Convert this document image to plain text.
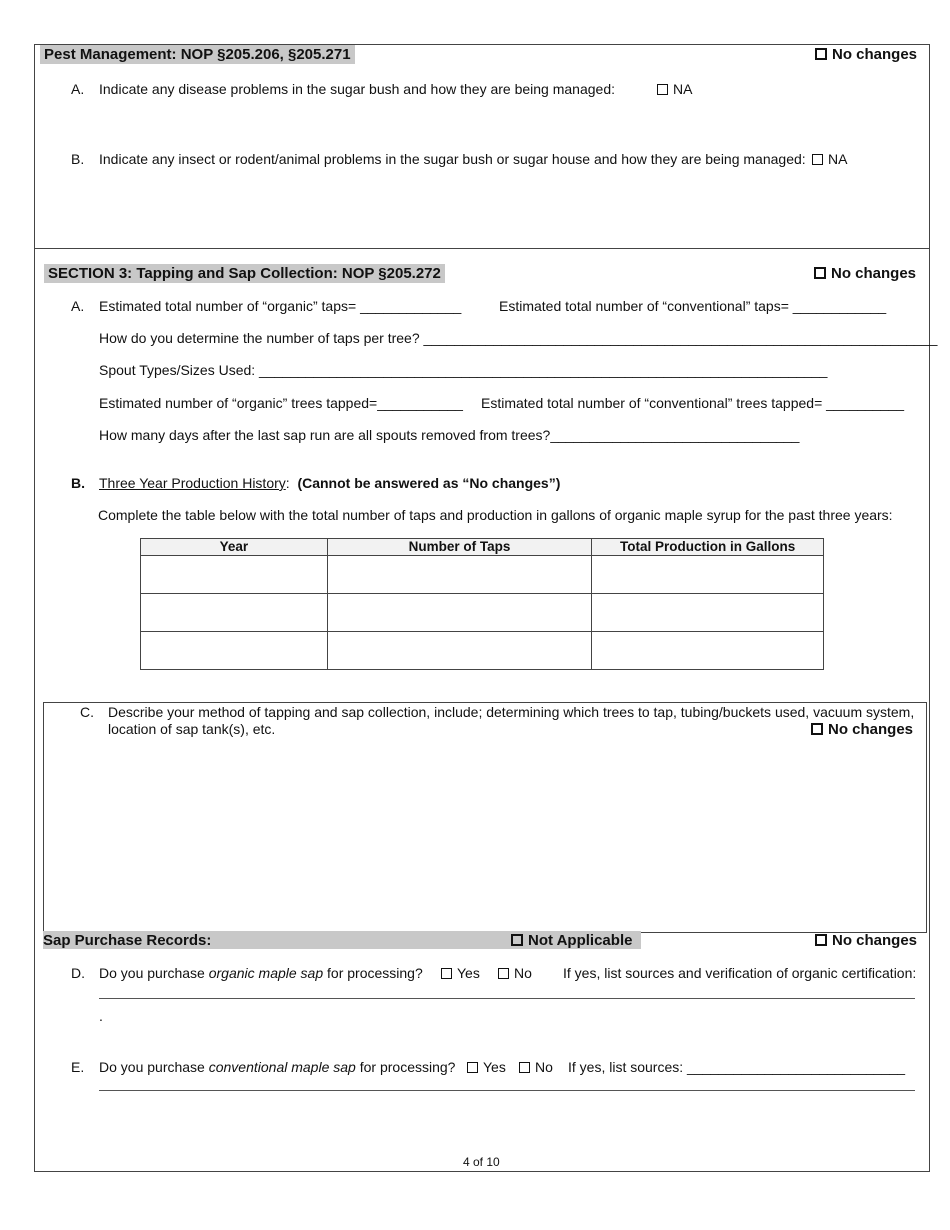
Pest Management: NOP §205.206, §205.271	No changes
A. Indicate any disease problems in the sugar bush and how they are being managed:	NA
B. Indicate any insect or rodent/animal problems in the sugar bush or sugar house and how they are being managed:	NA
SECTION 3: Tapping and Sap Collection: NOP §205.272	No changes
A. Estimated total number of “organic” taps= _____________	Estimated total number of “conventional” taps= ____________
How do you determine the number of taps per tree? __________________________________________________________________
Spout Types/Sizes Used: _________________________________________________________________________
Estimated number of “organic” trees tapped=___________ Estimated total number of “conventional” trees tapped= __________
How many days after the last sap run are all spouts removed from trees?________________________________
B. Three Year Production History: (Cannot be answered as “No changes”)
Complete the table below with the total number of taps and production in gallons of organic maple syrup for the past three years:
Year	Number of Taps	Total Production in Gallons

C. Describe your method of tapping and sap collection, include; determining which trees to tap, tubing/buckets used, vacuum system,
location of sap tank(s), etc.	No changes
Sap Purchase Records:	Not Applicable	No changes
D. Do you purchase organic maple sap for processing?	Yes	No If yes, list sources and verification of organic certification:
.
E. Do you purchase conventional maple sap for processing?	Yes	No If yes, list sources: ____________________________
4 of 10
